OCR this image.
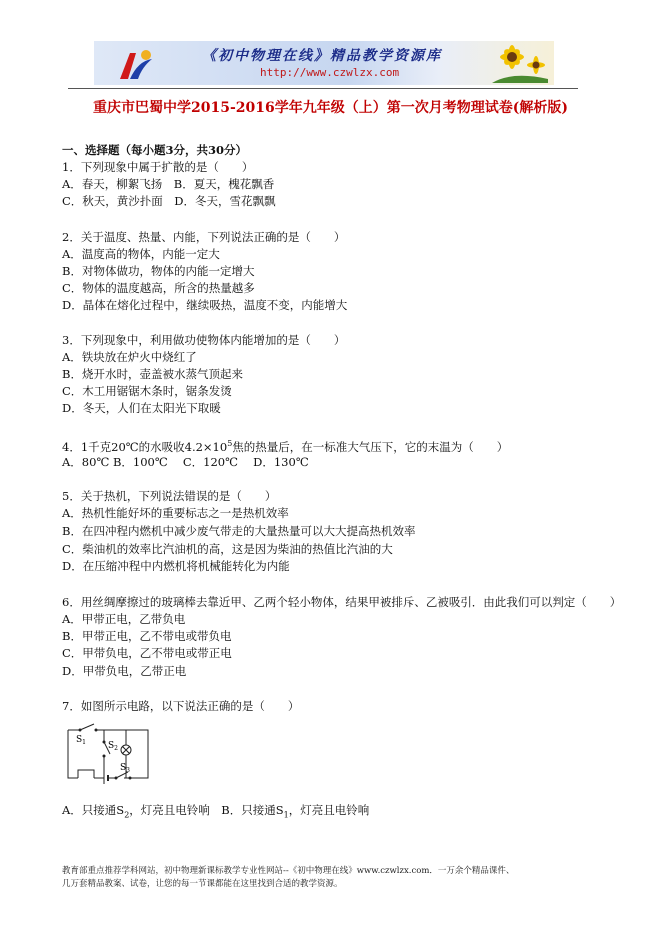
《初中物理在线》精品教学资源库
http://www.czwlzx.com
重庆市巴蜀中学2015-2016学年九年级（上）第一次月考物理试卷(解析版)
一、选择题（每小题3分，共30分）
1．下列现象中属于扩散的是（　　）
A．春天，柳絮飞扬　B．夏天，槐花飘香
C．秋天，黄沙扑面　D．冬天，雪花飘飘
2．关于温度、热量、内能，下列说法正确的是（　　）
A．温度高的物体，内能一定大
B．对物体做功，物体的内能一定增大
C．物体的温度越高，所含的热量越多
D．晶体在熔化过程中，继续吸热，温度不变，内能增大
3．下列现象中，利用做功使物体内能增加的是（　　）
A．铁块放在炉火中烧红了
B．烧开水时，壶盖被水蒸气顶起来
C．木工用锯锯木条时，锯条发烫
D．冬天，人们在太阳光下取暖
4．1千克20℃的水吸收$4.2\times 10^5$焦的热量后，在一标准大气压下，它的末温为（　　）
A．80℃ B．100℃　 C．120℃　 D．130℃
5．关于热机，下列说法错误的是（　　）
A．热机性能好坏的重要标志之一是热机效率
B．在四冲程内燃机中减少废气带走的大量热量可以大大提高热机效率
C．柴油机的效率比汽油机的高，这是因为柴油的热值比汽油的大
D．在压缩冲程中内燃机将机械能转化为内能
6．用丝绸摩擦过的玻璃棒去靠近甲、乙两个轻小物体，结果甲被排斥、乙被吸引．由此我们可以判定（　　）
A．甲带正电，乙带负电
B．甲带正电，乙不带电或带负电
C．甲带负电，乙不带电或带正电
D．甲带负电，乙带正电
7．如图所示电路，以下说法正确的是（　　）
$S_1$ $S_2$
$S_3$
A．只接通$S_2$，灯亮且电铃响　B．只接通$S_1$，灯亮且电铃响
教育部重点推荐学科网站，初中物理新课标教学专业性网站--《初中物理在线》www.czwlzx.com．一万余个精品课件、
几万套精品教案、试卷，让您的每一节课都能在这里找到合适的教学资源。
